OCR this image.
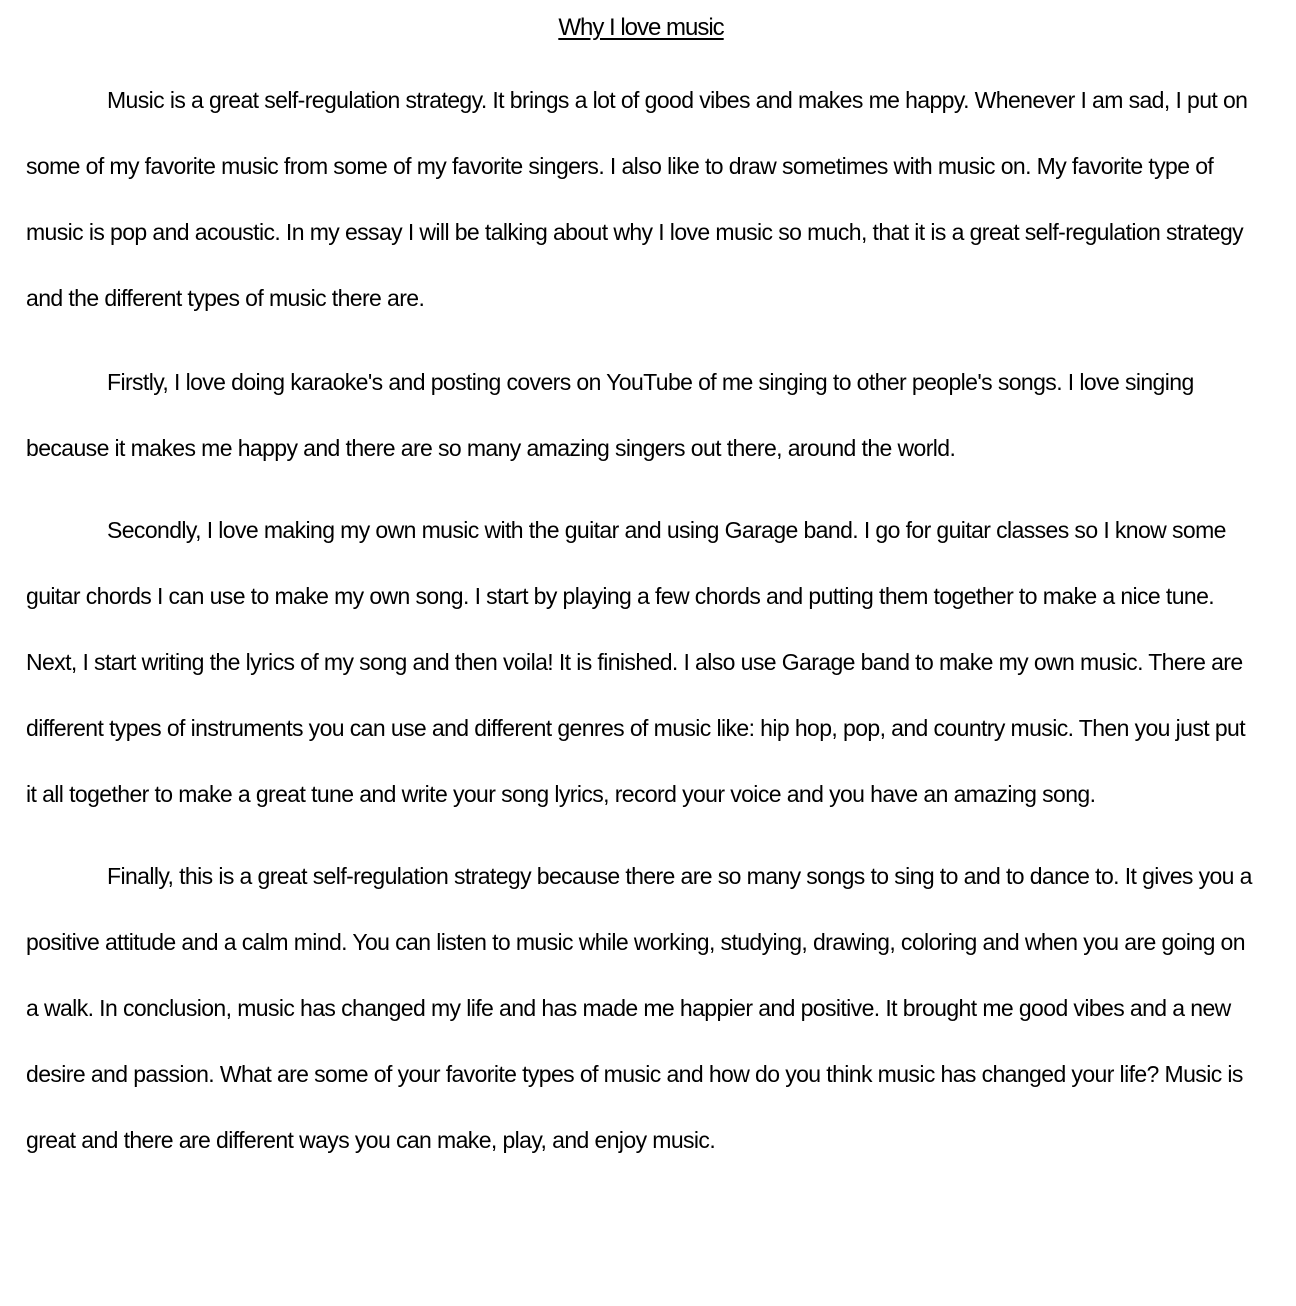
Why I love music

Music is a great self-regulation strategy. It brings a lot of good vibes and makes me happy. Whenever I am sad, I put on some of my favorite music from some of my favorite singers. I also like to draw sometimes with music on. My favorite type of music is pop and acoustic. In my essay I will be talking about why I love music so much, that it is a great self-regulation strategy and the different types of music there are.

Firstly, I love doing karaoke's and posting covers on YouTube of me singing to other people's songs. I love singing because it makes me happy and there are so many amazing singers out there, around the world.

Secondly, I love making my own music with the guitar and using Garage band. I go for guitar classes so I know some guitar chords I can use to make my own song. I start by playing a few chords and putting them together to make a nice tune. Next, I start writing the lyrics of my song and then voila! It is finished. I also use Garage band to make my own music. There are different types of instruments you can use and different genres of music like: hip hop, pop, and country music. Then you just put it all together to make a great tune and write your song lyrics, record your voice and you have an amazing song.

Finally, this is a great self-regulation strategy because there are so many songs to sing to and to dance to. It gives you a positive attitude and a calm mind. You can listen to music while working, studying, drawing, coloring and when you are going on a walk. In conclusion, music has changed my life and has made me happier and positive. It brought me good vibes and a new desire and passion. What are some of your favorite types of music and how do you think music has changed your life? Music is great and there are different ways you can make, play, and enjoy music.
